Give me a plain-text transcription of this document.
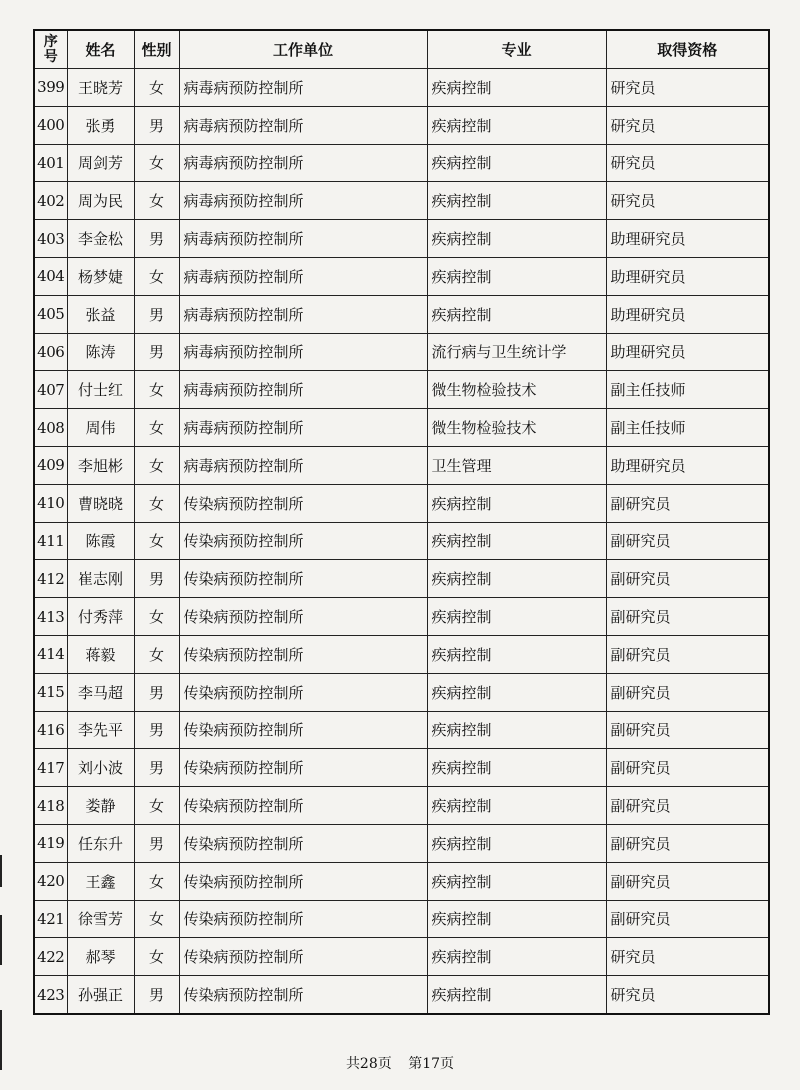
序
号	姓名	性别	工作单位	专业	取得资格
399	王晓芳	女	病毒病预防控制所	疾病控制	研究员
400	张勇	男	病毒病预防控制所	疾病控制	研究员
401	周剑芳	女	病毒病预防控制所	疾病控制	研究员
402	周为民	女	病毒病预防控制所	疾病控制	研究员
403	李金松	男	病毒病预防控制所	疾病控制	助理研究员
404	杨梦婕	女	病毒病预防控制所	疾病控制	助理研究员
405	张益	男	病毒病预防控制所	疾病控制	助理研究员
406	陈涛	男	病毒病预防控制所	流行病与卫生统计学	助理研究员
407	付士红	女	病毒病预防控制所	微生物检验技术	副主任技师
408	周伟	女	病毒病预防控制所	微生物检验技术	副主任技师
409	李旭彬	女	病毒病预防控制所	卫生管理	助理研究员
410	曹晓晓	女	传染病预防控制所	疾病控制	副研究员
411	陈霞	女	传染病预防控制所	疾病控制	副研究员
412	崔志刚	男	传染病预防控制所	疾病控制	副研究员
413	付秀萍	女	传染病预防控制所	疾病控制	副研究员
414	蒋毅	女	传染病预防控制所	疾病控制	副研究员
415	李马超	男	传染病预防控制所	疾病控制	副研究员
416	李先平	男	传染病预防控制所	疾病控制	副研究员
417	刘小波	男	传染病预防控制所	疾病控制	副研究员
418	娄静	女	传染病预防控制所	疾病控制	副研究员
419	任东升	男	传染病预防控制所	疾病控制	副研究员
420	王鑫	女	传染病预防控制所	疾病控制	副研究员
421	徐雪芳	女	传染病预防控制所	疾病控制	副研究员
422	郝琴	女	传染病预防控制所	疾病控制	研究员
423	孙强正	男	传染病预防控制所	疾病控制	研究员
共28页 第17页
